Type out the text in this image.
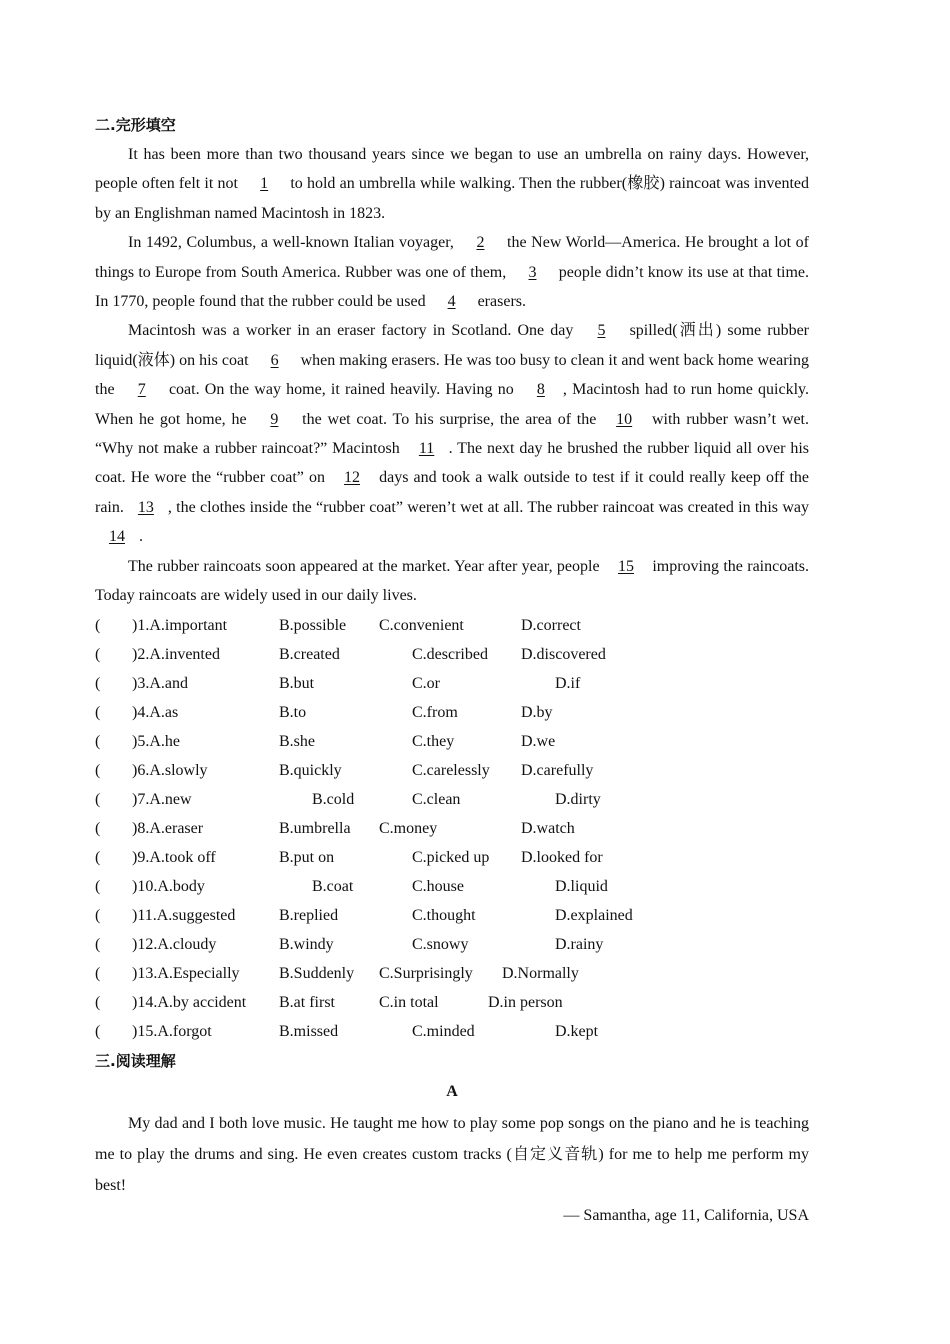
二.完形填空

It has been more than two thousand years since we began to use an umbrella on rainy days. However, people often felt it not 1 to hold an umbrella while walking. Then the rubber(橡胶) raincoat was invented by an Englishman named Macintosh in 1823.

In 1492, Columbus, a well-known Italian voyager, 2 the New World—America. He brought a lot of things to Europe from South America. Rubber was one of them, 3 people didn’t know its use at that time. In 1770, people found that the rubber could be used 4 erasers.

Macintosh was a worker in an eraser factory in Scotland. One day 5 spilled(洒出) some rubber liquid(液体) on his coat 6 when making erasers. He was too busy to clean it and went back home wearing the 7 coat. On the way home, it rained heavily. Having no 8 , Macintosh had to run home quickly. When he got home, he 9 the wet coat. To his surprise, the area of the 10 with rubber wasn’t wet. “Why not make a rubber raincoat?” Macintosh 11 . The next day he brushed the rubber liquid all over his coat. He wore the “rubber coat” on 12 days and took a walk outside to test if it could really keep off the rain. 13 , the clothes inside the “rubber coat” weren’t wet at all. The rubber raincoat was created in this way 14 .

The rubber raincoats soon appeared at the market. Year after year, people 15 improving the raincoats. Today raincoats are widely used in our daily lives.

( )1.A.important	B.possible C.convenient	D.correct
( )2.A.invented	B.created	C.described D.discovered
( )3.A.and	B.but	C.or	D.if
( )4.A.as	B.to	C.from	D.by
( )5.A.he	B.she	C.they	D.we
( )6.A.slowly	B.quickly	C.carelessly D.carefully
( )7.A.new	B.cold	C.clean	D.dirty
( )8.A.eraser	B.umbrella C.money	D.watch
( )9.A.took off	B.put on	C.picked up D.looked for
( )10.A.body	B.coat	C.house	D.liquid
( )11.A.suggested	B.replied	C.thought	D.explained
( )12.A.cloudy	B.windy	C.snowy	D.rainy
( )13.A.Especially B.Suddenly C.Surprisingly D.Normally
( )14.A.by accident B.at first	C.in total	D.in person
( )15.A.forgot	B.missed	C.minded	D.kept
三.阅读理解
A

My dad and I both love music. He taught me how to play some pop songs on the piano and he is teaching me to play the drums and sing. He even creates custom tracks (自定义音轨) for me to help me perform my best!

— Samantha, age 11, California, USA
